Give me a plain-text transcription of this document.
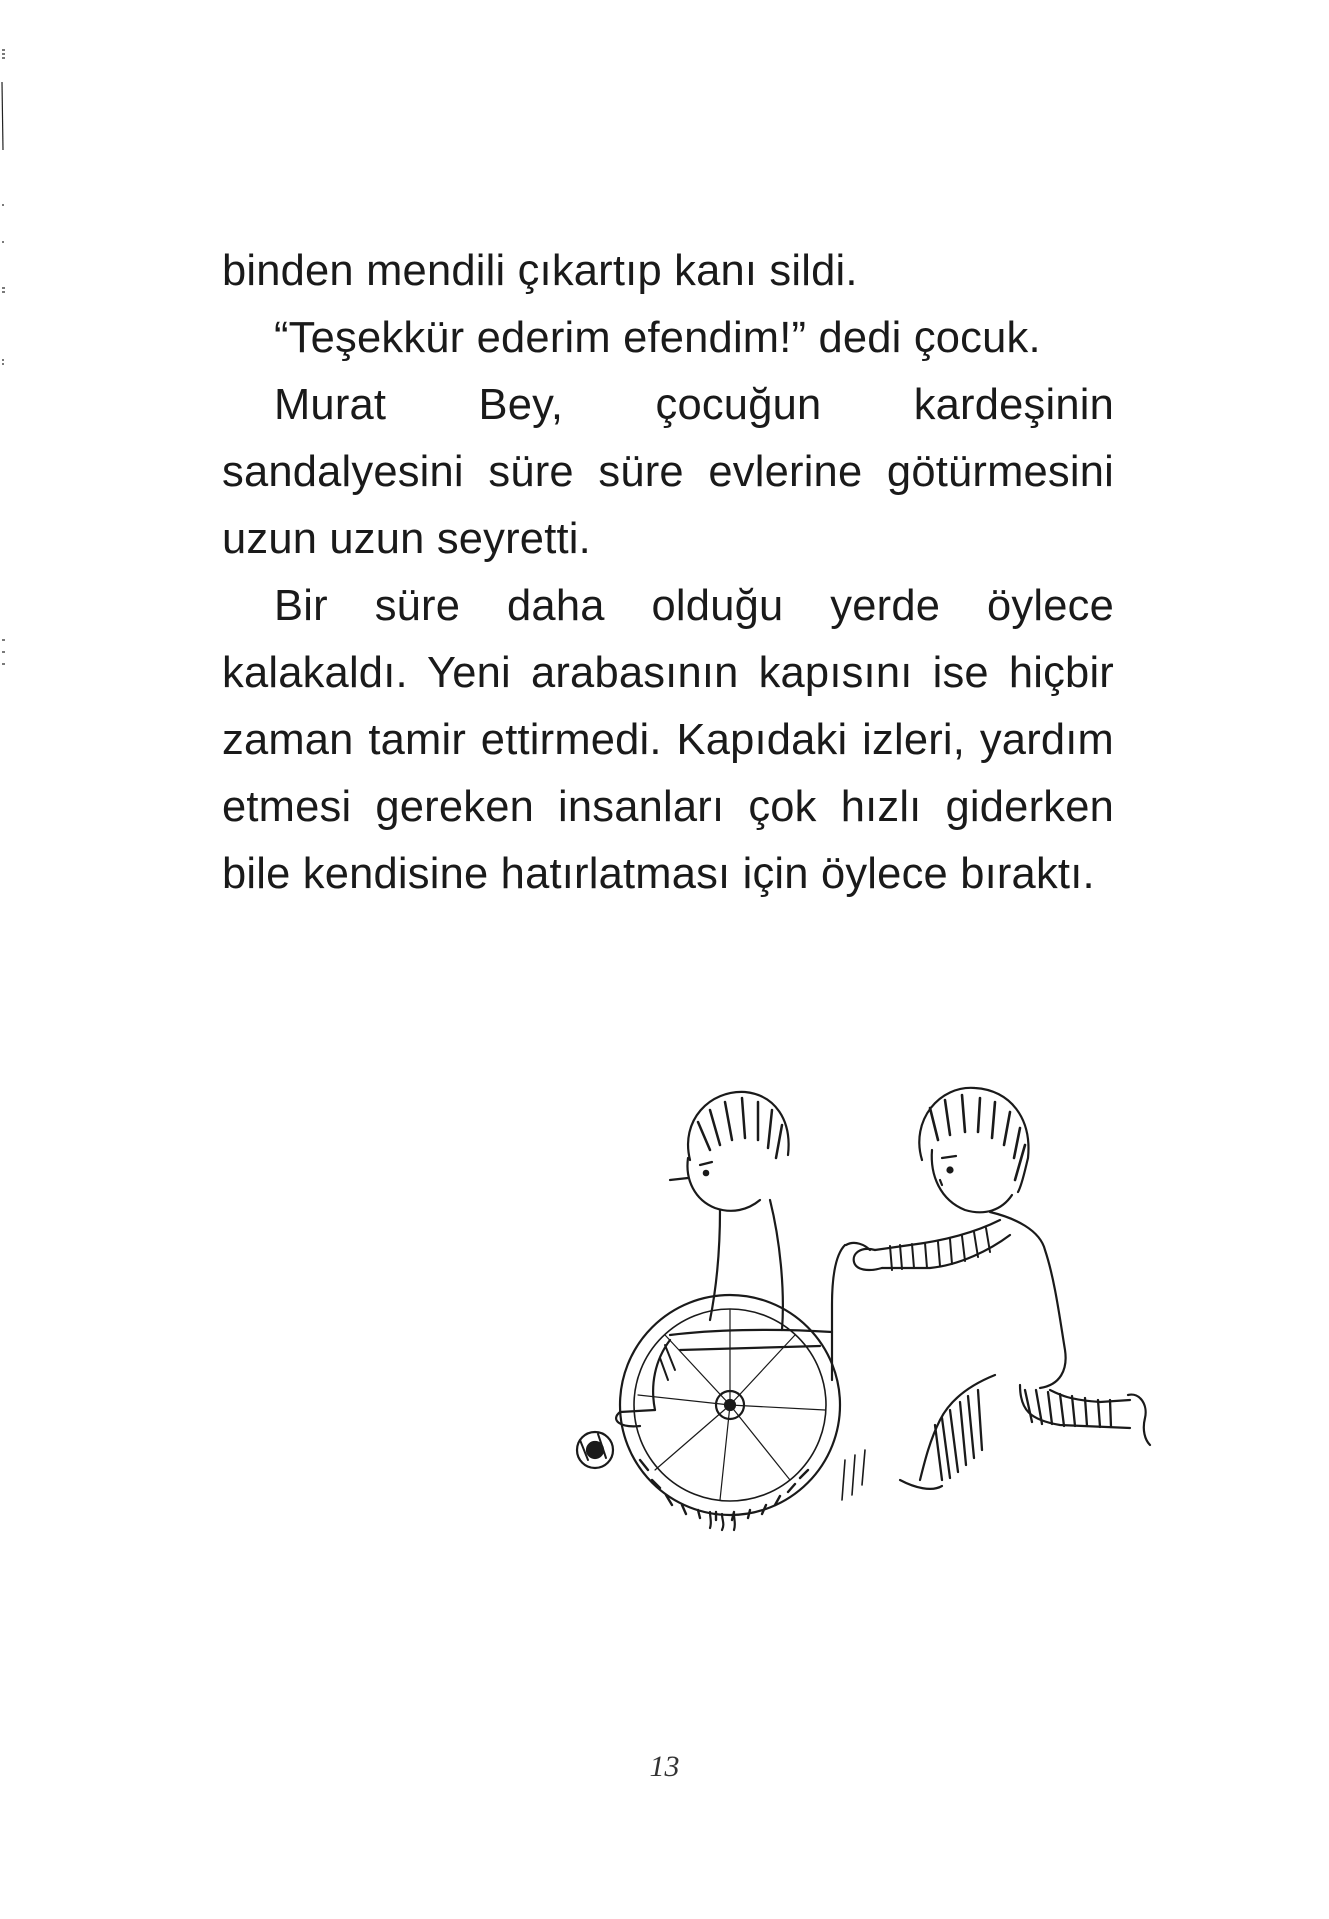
binden mendili çıkartıp kanı sildi.

“Teşekkür ederim efendim!” dedi çocuk.

Murat Bey, çocuğun kardeşinin sandalyesini süre süre evlerine götürmesini uzun uzun seyretti.

Bir süre daha olduğu yerde öylece kalakaldı. Yeni arabasının kapısını ise hiçbir zaman tamir ettirmedi. Kapıdaki izleri, yardım etmesi gereken insanları çok hızlı giderken bile kendisine hatırlatması için öylece bıraktı.

13
